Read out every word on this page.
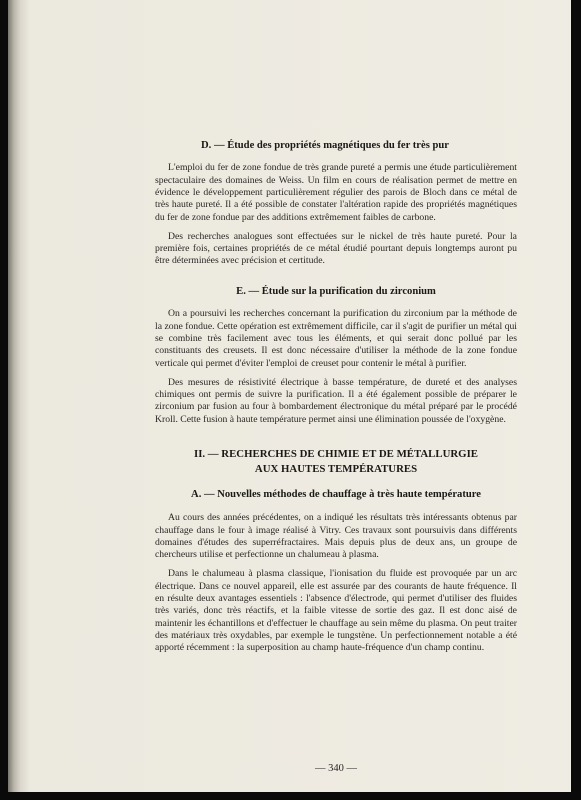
D. — Étude des propriétés magnétiques du fer très pur

L'emploi du fer de zone fondue de très grande pureté a permis une étude particulièrement spectaculaire des domaines de Weiss. Un film en cours de réalisation permet de mettre en évidence le développement particulièrement régulier des parois de Bloch dans ce métal de très haute pureté. Il a été possible de constater l'altération rapide des propriétés magnétiques du fer de zone fondue par des additions extrêmement faibles de carbone.

Des recherches analogues sont effectuées sur le nickel de très haute pureté. Pour la première fois, certaines propriétés de ce métal étudié pourtant depuis longtemps auront pu être déterminées avec précision et certitude.

E. — Étude sur la purification du zirconium

On a poursuivi les recherches concernant la purification du zirconium par la méthode de la zone fondue. Cette opération est extrêmement difficile, car il s'agit de purifier un métal qui se combine très facilement avec tous les éléments, et qui serait donc pollué par les constituants des creusets. Il est donc nécessaire d'utiliser la méthode de la zone fondue verticale qui permet d'éviter l'emploi de creuset pour contenir le métal à purifier.

Des mesures de résistivité électrique à basse température, de dureté et des analyses chimiques ont permis de suivre la purification. Il a été également possible de préparer le zirconium par fusion au four à bombardement électronique du métal préparé par le procédé Kroll. Cette fusion à haute température permet ainsi une élimination poussée de l'oxygène.

II. — RECHERCHES DE CHIMIE ET DE MÉTALLURGIE
AUX HAUTES TEMPÉRATURES
A. — Nouvelles méthodes de chauffage à très haute température

Au cours des années précédentes, on a indiqué les résultats très intéressants obtenus par chauffage dans le four à image réalisé à Vitry. Ces travaux sont poursuivis dans différents domaines d'études des superréfractaires. Mais depuis plus de deux ans, un groupe de chercheurs utilise et perfectionne un chalumeau à plasma.

Dans le chalumeau à plasma classique, l'ionisation du fluide est provoquée par un arc électrique. Dans ce nouvel appareil, elle est assurée par des courants de haute fréquence. Il en résulte deux avantages essentiels : l'absence d'électrode, qui permet d'utiliser des fluides très variés, donc très réactifs, et la faible vitesse de sortie des gaz. Il est donc aisé de maintenir les échantillons et d'effectuer le chauffage au sein même du plasma. On peut traiter des matériaux très oxydables, par exemple le tungstène. Un perfectionnement notable a été apporté récemment : la superposition au champ haute-fréquence d'un champ continu.

— 340 —
